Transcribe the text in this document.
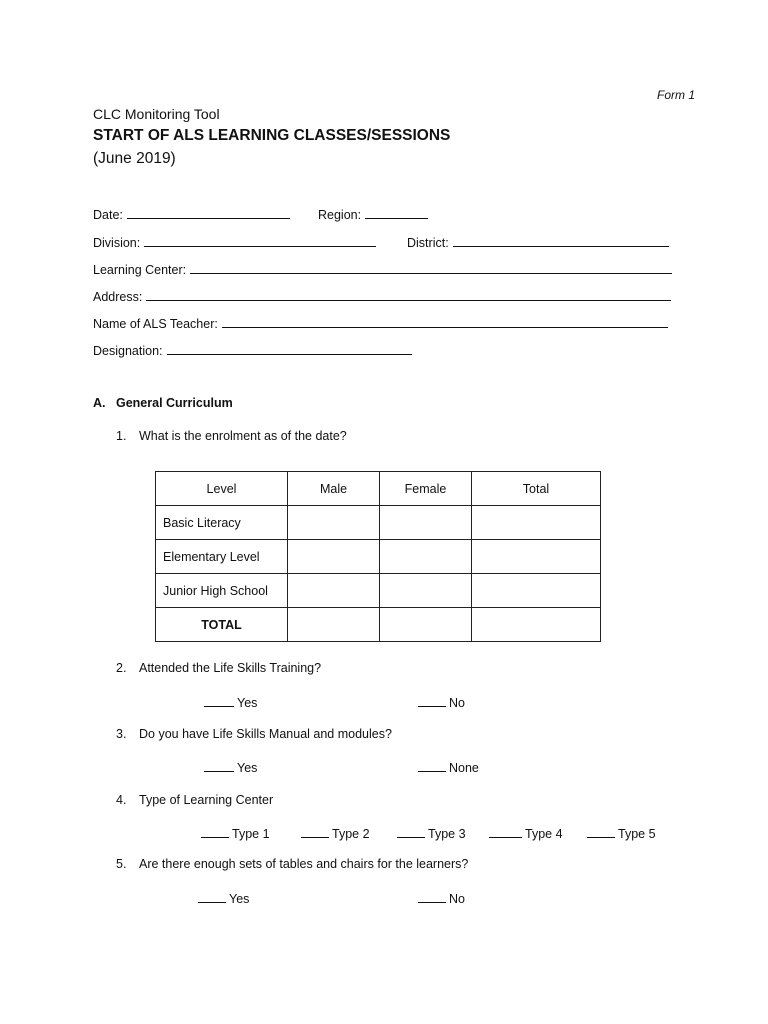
Form 1
CLC Monitoring Tool
START OF ALS LEARNING CLASSES/SESSIONS
(June 2019)
Date:	Region:
Division:	District:
Learning Center:
Address:
Name of ALS Teacher:
Designation:
A. General Curriculum
1. What is the enrolment as of the date?
Level	Male	Female	Total
Basic Literacy			
Elementary Level			
Junior High School			
TOTAL			
2. Attended the Life Skills Training?
Yes	No
3. Do you have Life Skills Manual and modules?
Yes	None
4. Type of Learning Center
Type 1	Type 2	Type 3	Type 4	Type 5
5. Are there enough sets of tables and chairs for the learners?
Yes	No
